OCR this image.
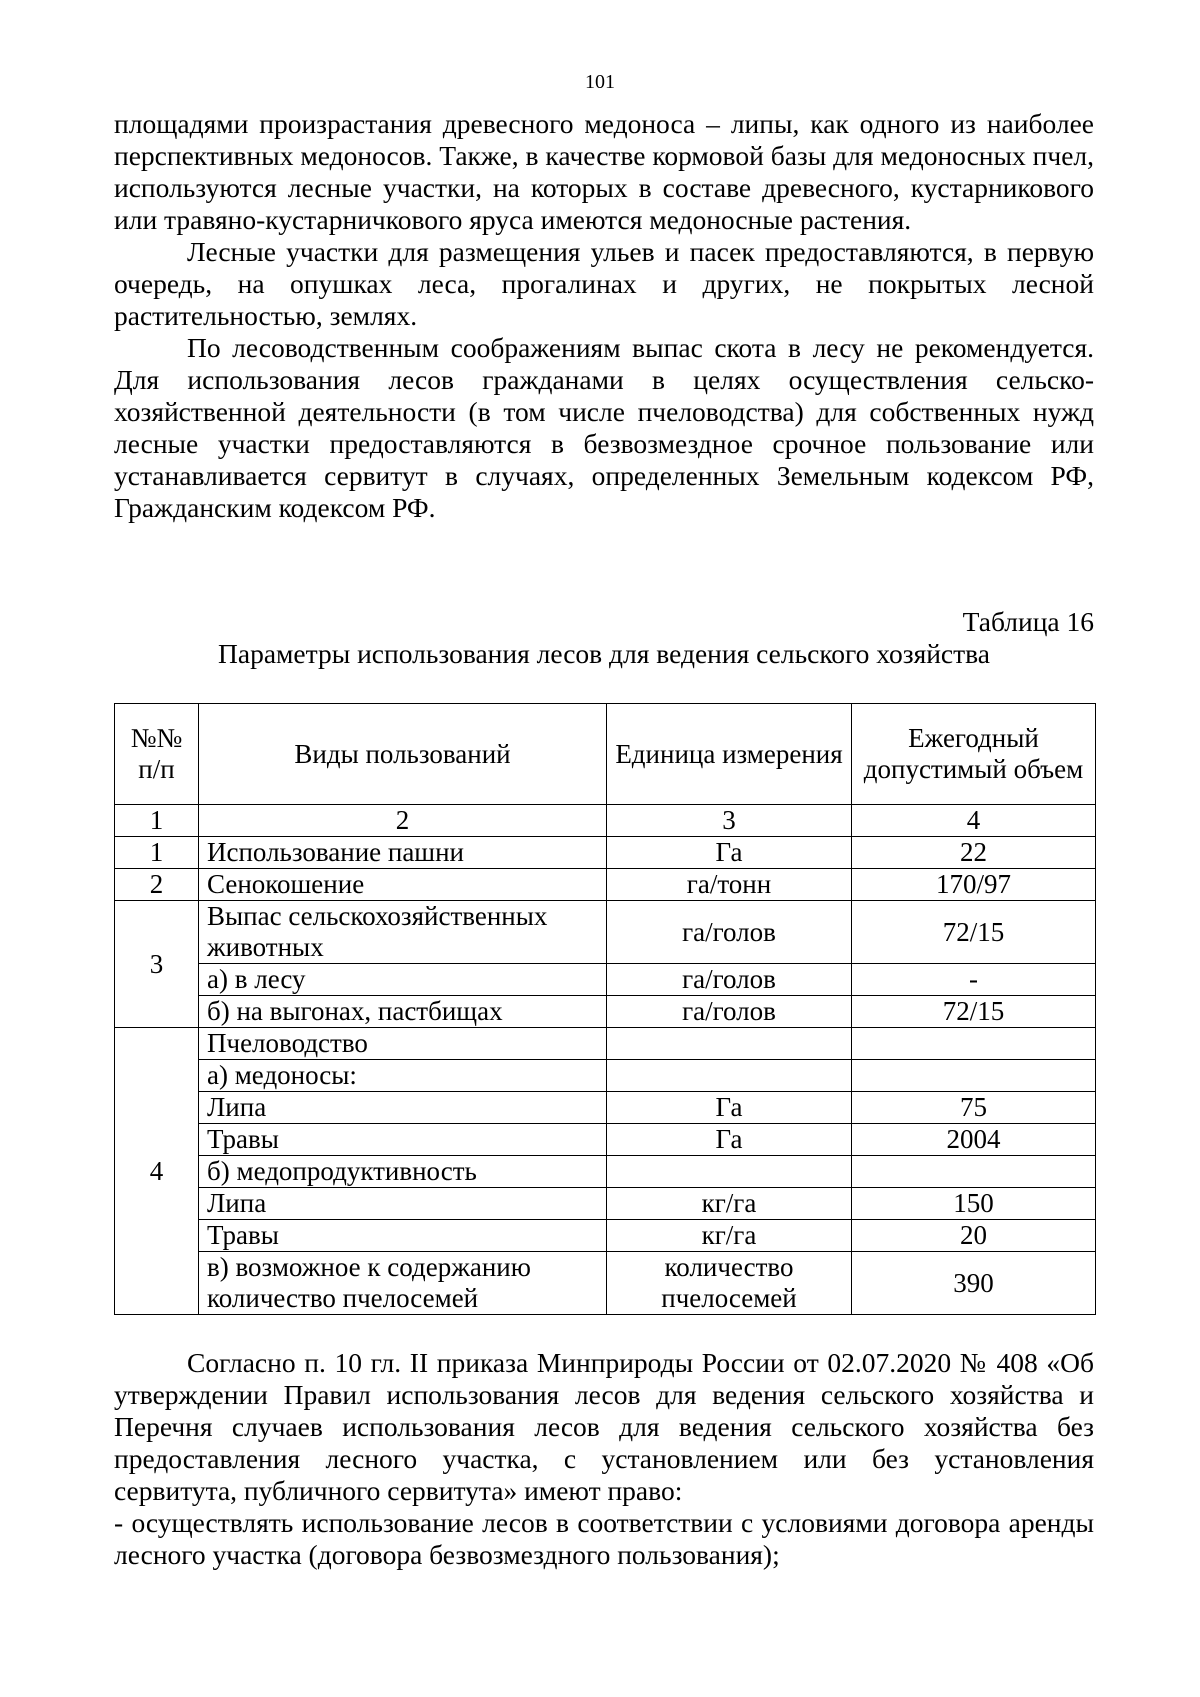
101

площадями произрастания древесного медоноса – липы, как одного из наиболее перспективных медоносов. Также, в качестве кормовой базы для медоносных пчел, используются лесные участки, на которых в составе древесного, кустарникового или травяно-кустарничкового яруса имеются медоносные растения.

Лесные участки для размещения ульев и пасек предоставляются, в первую очередь, на опушках леса, прогалинах и других, не покрытых лесной растительностью, землях.

По лесоводственным соображениям выпас скота в лесу не рекомендуется. Для использования лесов гражданами в целях осуществления сельско-хозяйственной деятельности (в том числе пчеловодства) для собственных нужд лесные участки предоставляются в безвозмездное срочное пользование или устанавливается сервитут в случаях, определенных Земельным кодексом РФ, Гражданским кодексом РФ.

Таблица 16
Параметры использования лесов для ведения сельского хозяйства
№№ п/п	Виды пользований	Единица измерения	Ежегодный допустимый объем
1	2	3	4
1	Использование пашни	Га	22
2	Сенокошение	га/тонн	170/97
3	Выпас сельскохозяйственных животных	га/голов	72/15
	а) в лесу	га/голов	-
	б) на выгонах, пастбищах	га/голов	72/15
4	Пчеловодство		
	а) медоносы:		
	Липа	Га	75
	Травы	Га	2004
	б) медопродуктивность		
	Липа	кг/га	150
	Травы	кг/га	20
	в) возможное к содержанию количество пчелосемей	количество пчелосемей	390

Согласно п. 10 гл. II приказа Минприроды России от 02.07.2020 № 408 «Об утверждении Правил использования лесов для ведения сельского хозяйства и Перечня случаев использования лесов для ведения сельского хозяйства без предоставления лесного участка, с установлением или без установления сервитута, публичного сервитута» имеют право:

- осуществлять использование лесов в соответствии с условиями договора аренды лесного участка (договора безвозмездного пользования);
